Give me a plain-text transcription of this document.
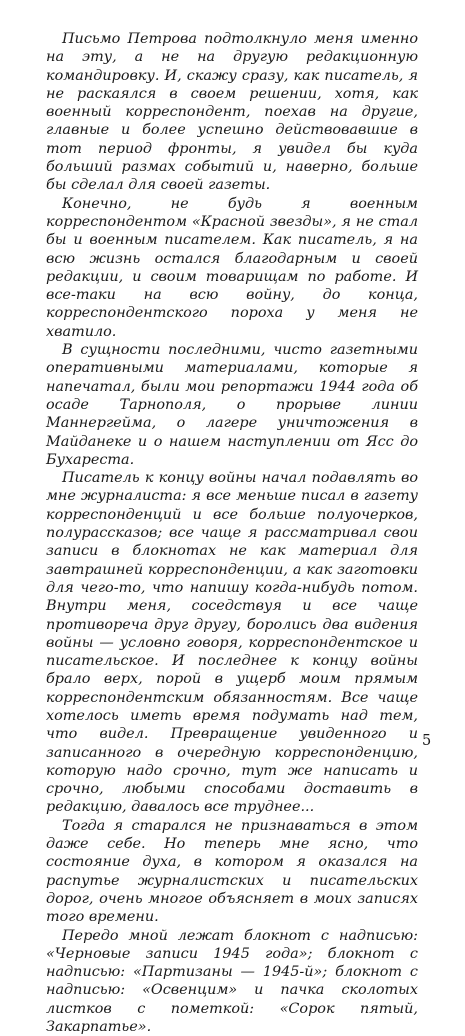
Письмо Петрова подтолкнуло меня именно на эту, а не на другую редакционную командировку. И, скажу сразу, как писатель, я не раскаялся в своем решении, хотя, как военный корреспондент, поехав на другие, главные и более успешно действовавшие в тот период фронты, я увидел бы куда больший размах событий и, наверно, больше бы сделал для своей газеты.

Конечно, не будь я военным корреспондентом «Красной звезды», я не стал бы и военным писателем. Как писатель, я на всю жизнь остался благодарным и своей редакции, и своим товарищам по работе. И все-таки на всю войну, до конца, корреспондентского пороха у меня не хватило.

В сущности последними, чисто газетными оперативными материалами, которые я напечатал, были мои репортажи 1944 года об осаде Тарнополя, о прорыве линии Маннергейма, о лагере уничтожения в Майданеке и о нашем наступлении от Ясс до Бухареста.

Писатель к концу войны начал подавлять во мне журналиста: я все меньше писал в газету корреспонденций и все больше полуочерков, полурассказов; все чаще я рассматривал свои записи в блокнотах не как материал для завтрашней корреспонденции, а как заготовки для чего-то, что напишу когда-нибудь потом. Внутри меня, соседствуя и все чаще противореча друг другу, боролись два видения войны — условно говоря, корреспондентское и писательское. И последнее к концу войны брало верх, порой в ущерб моим прямым корреспондентским обязанностям. Все чаще хотелось иметь время подумать над тем, что видел. Превращение увиденного и записанного в очередную корреспонденцию, которую надо срочно, тут же написать и срочно, любыми способами доставить в редакцию, давалось все труднее...

Тогда я старался не признаваться в этом даже себе. Но теперь мне ясно, что состояние духа, в котором я оказался на распутье журналистских и писательских дорог, очень многое объясняет в моих записях того времени.

Передо мной лежат блокнот с надписью: «Черновые записи 1945 года»; блокнот с надписью: «Партизаны — 1945-й»; блокнот с надписью: «Освенцим» и пачка сколотых листков с пометкой: «Сорок пятый, Закарпатье».

5
